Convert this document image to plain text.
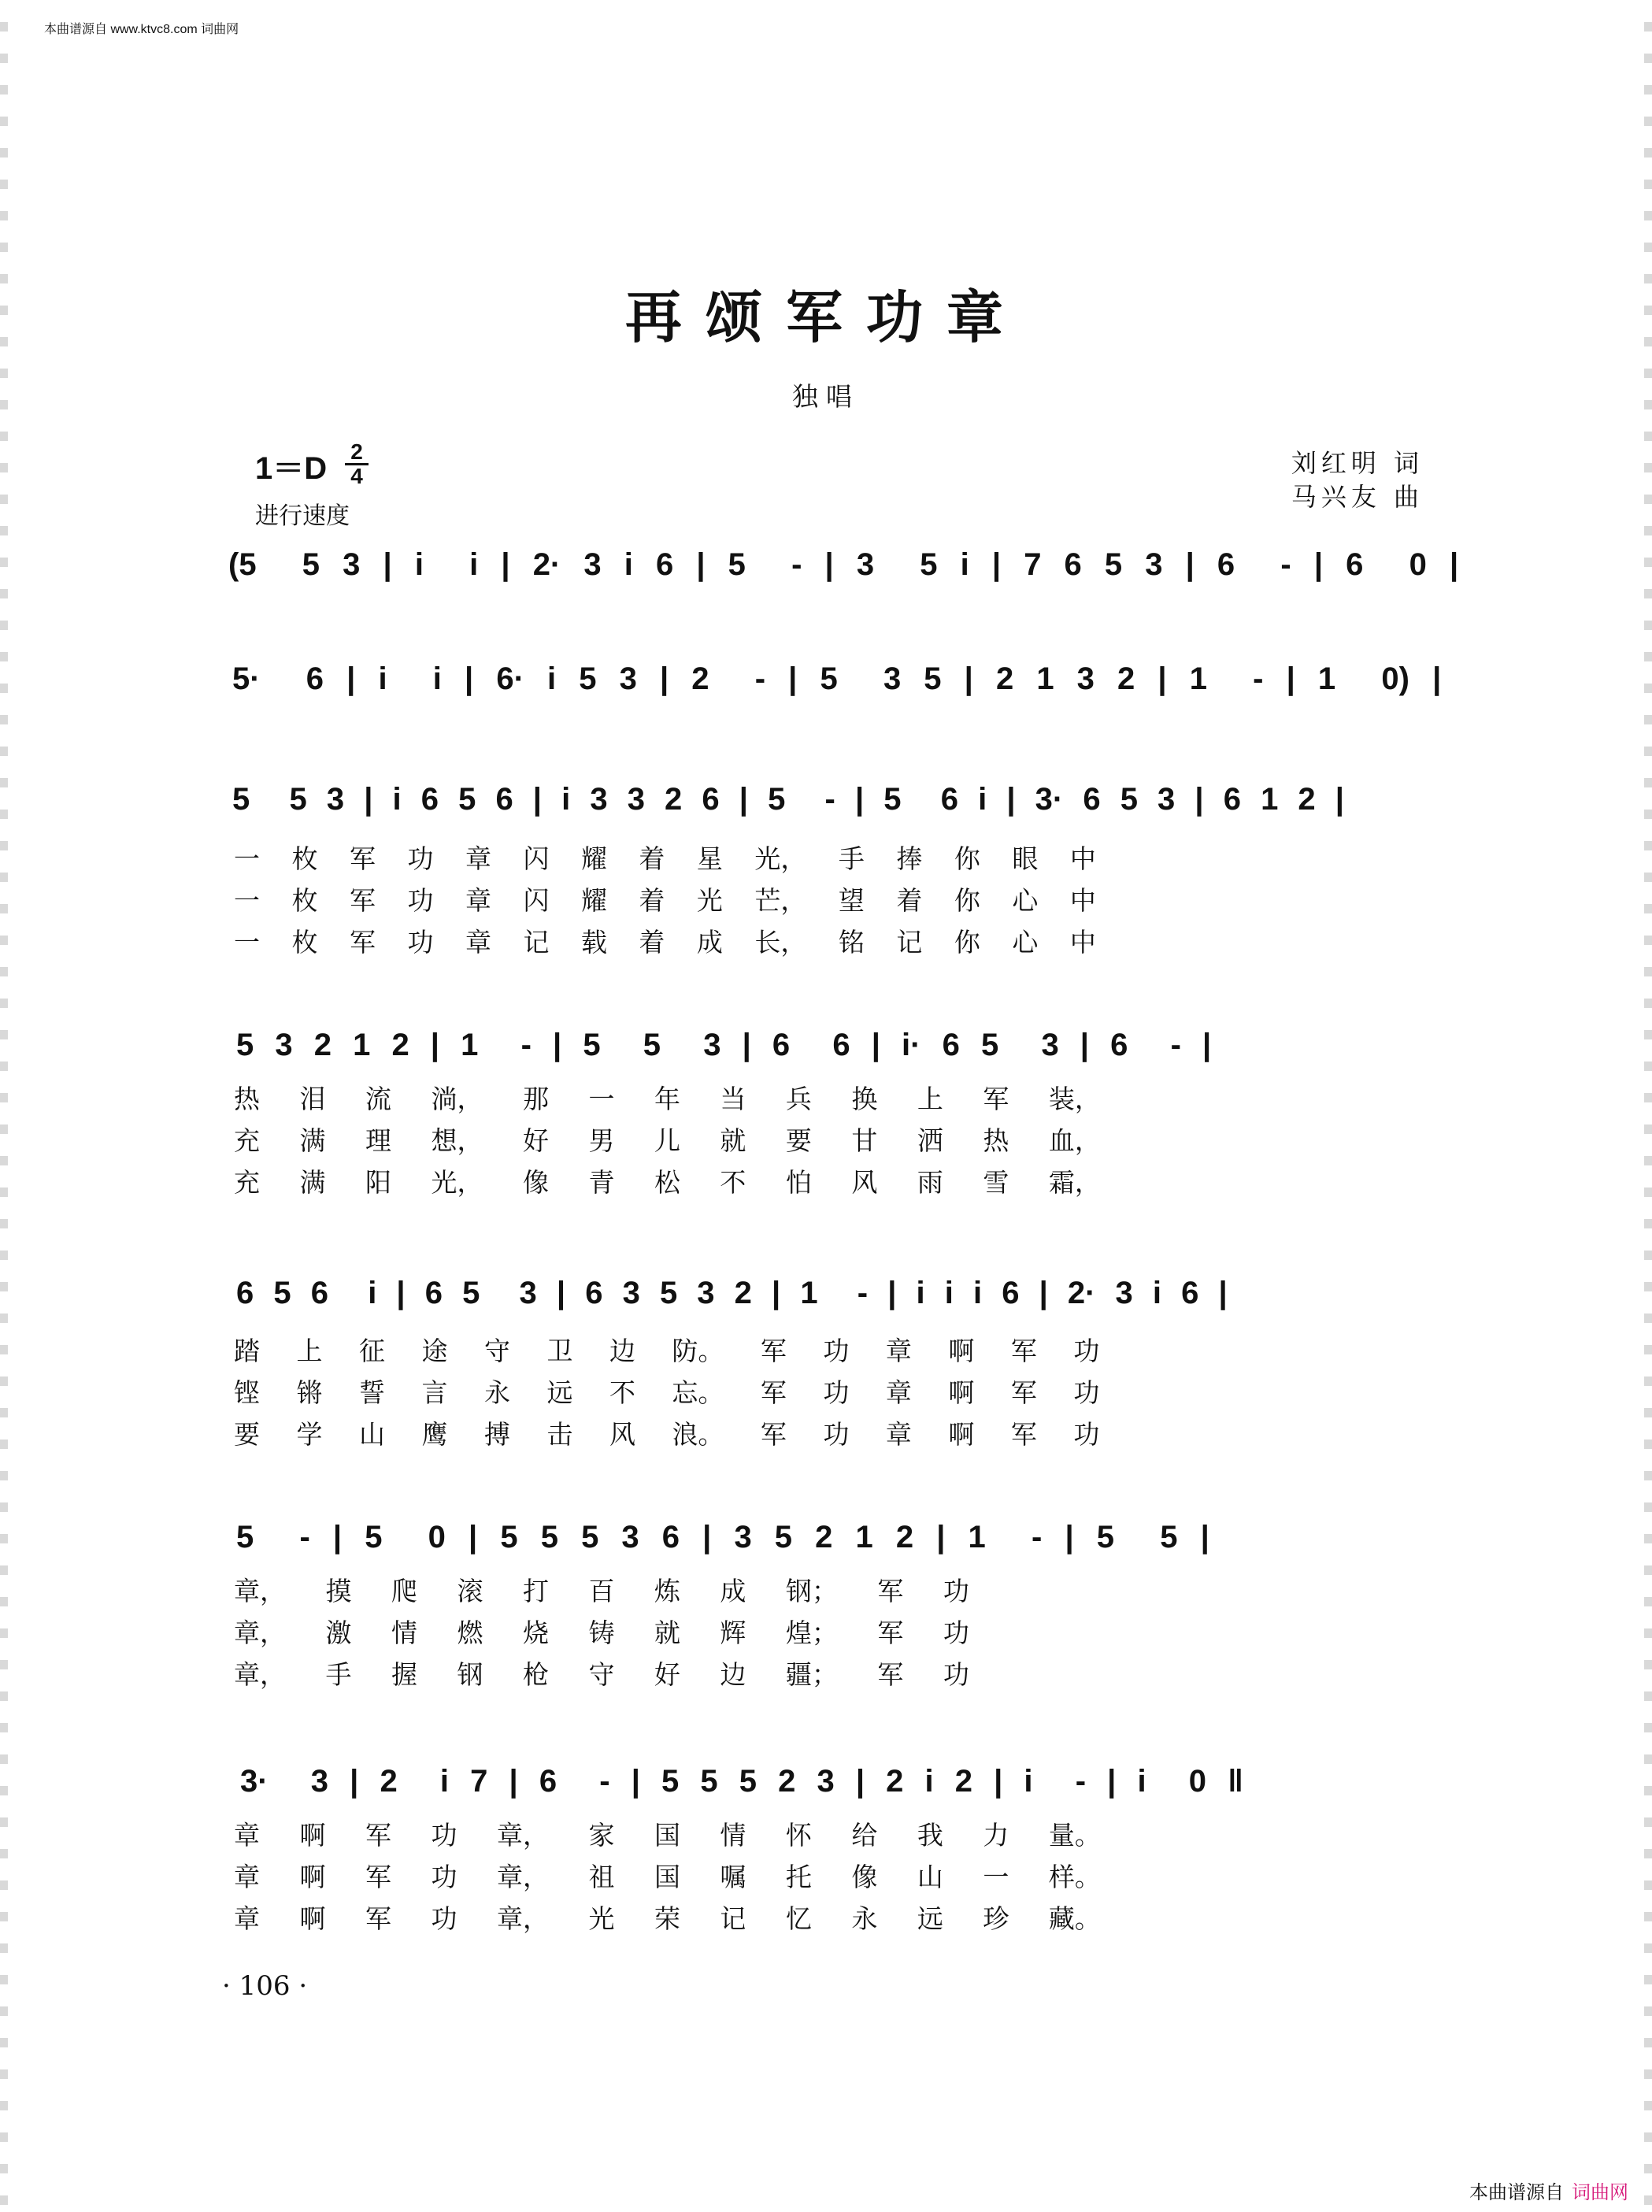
本曲谱源自 www.ktvc8.com 词曲网
再颂军功章
独唱
1＝D 2
4
进行速度
刘红明 词
马兴友 曲
(5  5 3 | i  i | 2· 3 i 6 | 5  - | 3  5 i | 7 6 5 3 | 6  - | 6  0 |
5·  6 | i  i | 6· i 5 3 | 2  - | 5  3 5 | 2 1 3 2 | 1  - | 1  0) |
5  5 3 | i 6 5 6 | i 3 3 2 6 | 5  - | 5  6 i | 3· 6 5 3 | 6 1 2 |
一 枚 军 功 章 闪 耀 着 星 光， 手 捧 你 眼 中
一 枚 军 功 章 闪 耀 着 光 芒， 望 着 你 心 中
一 枚 军 功 章 记 载 着 成 长， 铭 记 你 心 中
5 3 2 1 2 | 1  - | 5  5  3 | 6  6 | i· 6 5  3 | 6  - |
热 泪 流 淌， 那 一 年 当 兵 换 上 军 装，
充 满 理 想， 好 男 儿 就 要 甘 洒 热 血，
充 满 阳 光， 像 青 松 不 怕 风 雨 雪 霜，
6 5 6  i | 6 5  3 | 6 3 5 3 2 | 1  - | i i i 6 | 2· 3 i 6 |
踏 上 征 途 守 卫 边 防。 军 功 章 啊 军 功
铿 锵 誓 言 永 远 不 忘。 军 功 章 啊 军 功
要 学 山 鹰 搏 击 风 浪。 军 功 章 啊 军 功
5  - | 5  0 | 5 5 5 3 6 | 3 5 2 1 2 | 1  - | 5  5 |
章， 摸 爬 滚 打 百 炼 成 钢； 军 功
章， 激 情 燃 烧 铸 就 辉 煌； 军 功
章， 手 握 钢 枪 守 好 边 疆； 军 功
3·  3 | 2  i 7 | 6  - | 5 5 5 2 3 | 2 i 2 | i  - | i  0 ‖
章 啊 军 功 章， 家 国 情 怀 给 我 力 量。
章 啊 军 功 章， 祖 国 嘱 托 像 山 一 样。
章 啊 军 功 章， 光 荣 记 忆 永 远 珍 藏。
· 106 ·
本曲谱源自 词曲网
